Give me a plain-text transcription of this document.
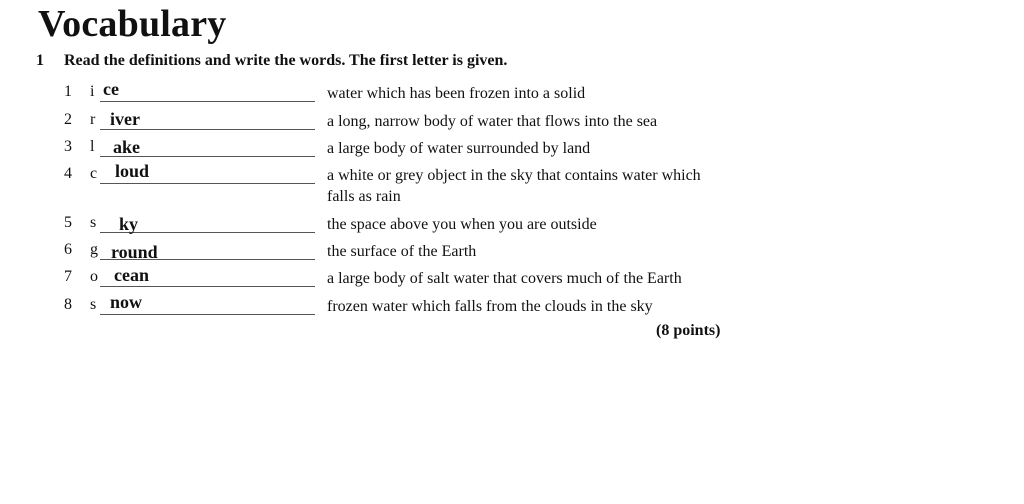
Vocabulary
1 Read the definitions and write the words. The first letter is given.
1 i ce	water which has been frozen into a solid
2 r iver	a long, narrow body of water that flows into the sea
3 l ake	a large body of water surrounded by land
4 c loud	a white or grey object in the sky that contains water which falls as rain
5 s ky	the space above you when you are outside
6 g round	the surface of the Earth
7 o cean	a large body of salt water that covers much of the Earth
8 s now	frozen water which falls from the clouds in the sky
(8 points)
